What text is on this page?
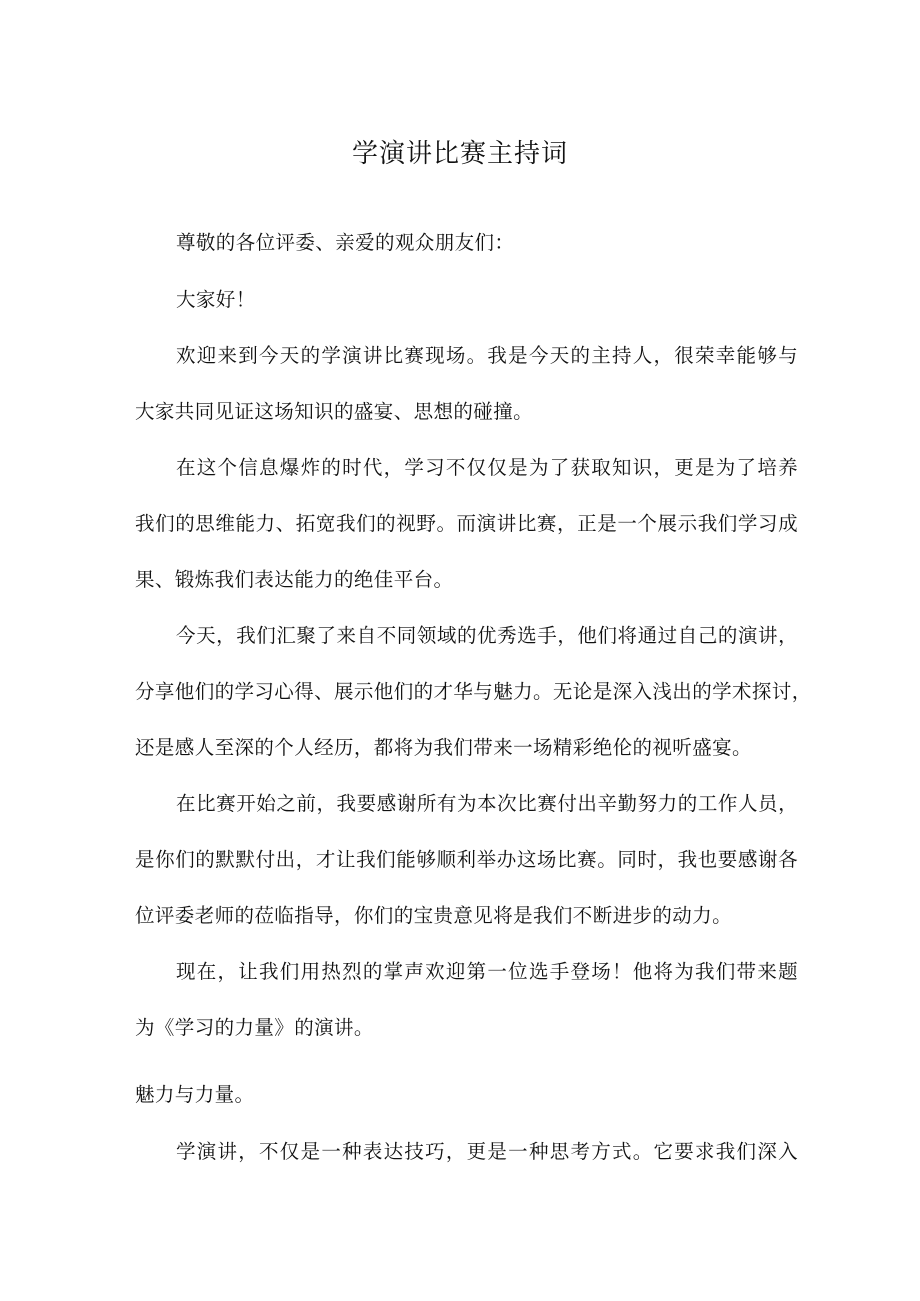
学演讲比赛主持词
尊敬的各位评委、亲爱的观众朋友们：
大家好！
欢迎来到今天的学演讲比赛现场。我是今天的主持人，很荣幸能够与
大家共同见证这场知识的盛宴、思想的碰撞。
在这个信息爆炸的时代，学习不仅仅是为了获取知识，更是为了培养
我们的思维能力、拓宽我们的视野。而演讲比赛，正是一个展示我们学习成
果、锻炼我们表达能力的绝佳平台。
今天，我们汇聚了来自不同领域的优秀选手，他们将通过自己的演讲，
分享他们的学习心得、展示他们的才华与魅力。无论是深入浅出的学术探讨，
还是感人至深的个人经历，都将为我们带来一场精彩绝伦的视听盛宴。
在比赛开始之前，我要感谢所有为本次比赛付出辛勤努力的工作人员，
是你们的默默付出，才让我们能够顺利举办这场比赛。同时，我也要感谢各
位评委老师的莅临指导，你们的宝贵意见将是我们不断进步的动力。
现在，让我们用热烈的掌声欢迎第一位选手登场！他将为我们带来题
为《学习的力量》的演讲。
魅力与力量。
学演讲，不仅是一种表达技巧，更是一种思考方式。它要求我们深入
